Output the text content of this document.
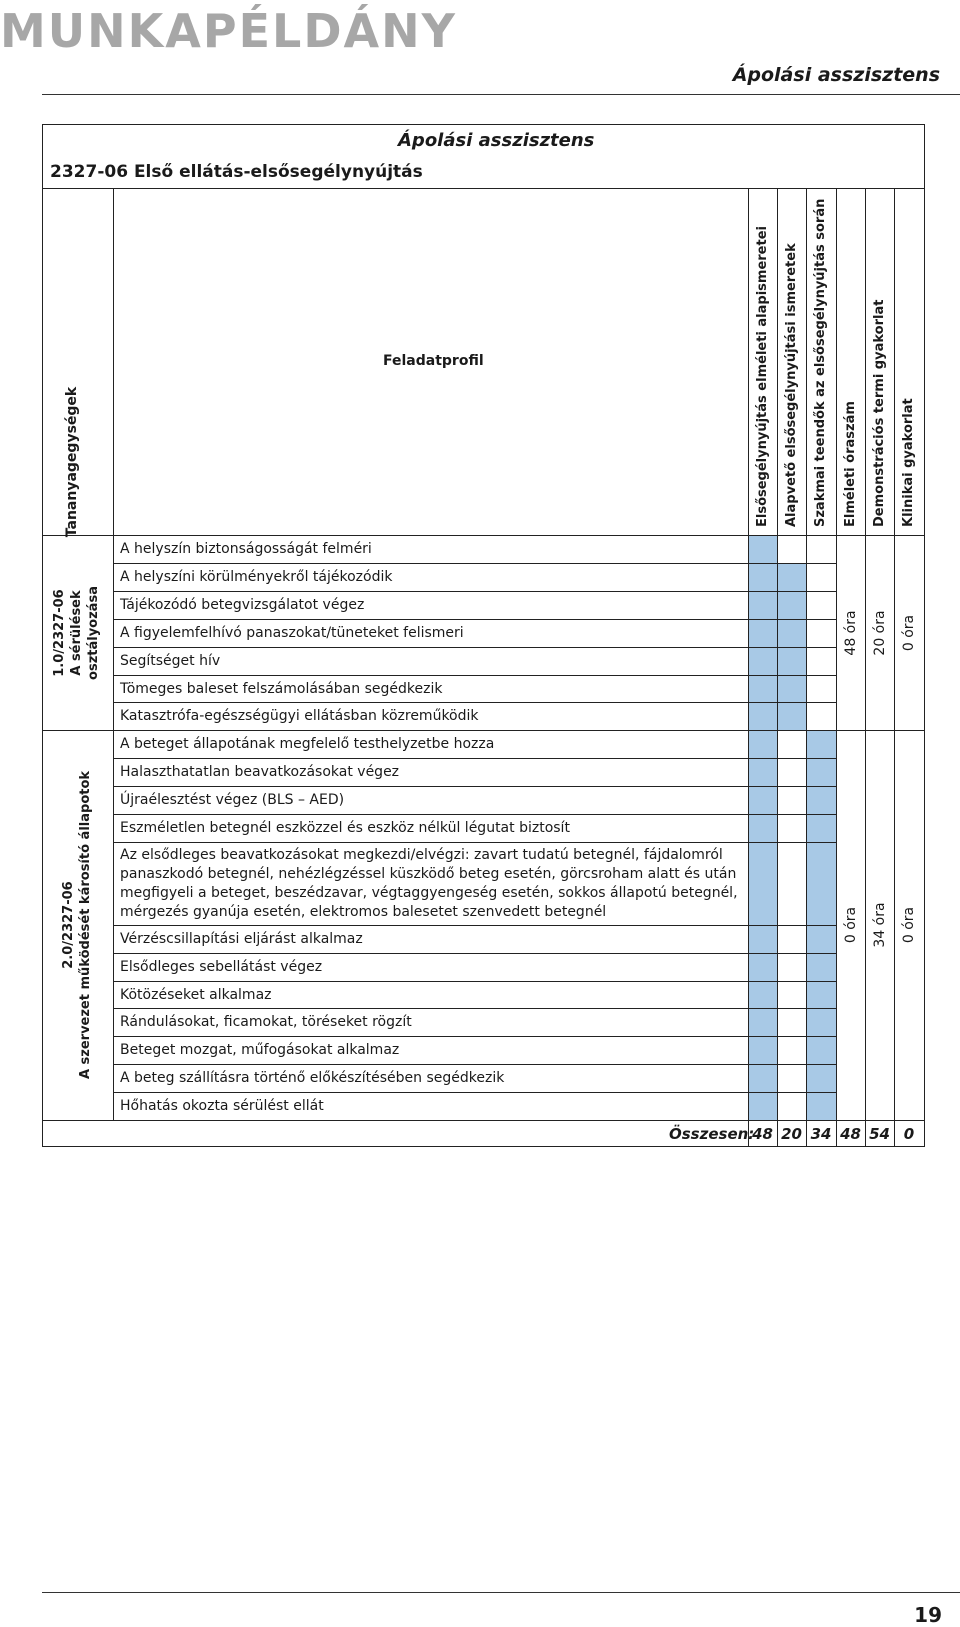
MUNKAPÉLDÁNY
Ápolási asszisztens
Ápolási asszisztens
2327-06 Első ellátás-elsősegélynyújtás
Tananyagegységek
Feladatprofil	Elsősegélynyújtás elméleti alapismeretei Alapvető elsősegélynyújtási ismeretek Szakmai teendők az elsősegélynyújtás során Elméleti óraszám Demonstrációs termi gyakorlat Klinikai gyakorlat
1.0/2327-06 A sérülések osztályozása
2.0/2327-06 A szervezet működését károsító állapotok
48 óra 20 óra 0 óra
0 óra 34 óra 0 óra
A helyszín biztonságosságát felméri
A helyszíni körülményekről tájékozódik
Tájékozódó betegvizsgálatot végez
A figyelemfelhívó panaszokat/tüneteket felismeri
Segítséget hív
Tömeges baleset felszámolásában segédkezik
Katasztrófa-egészségügyi ellátásban közreműködik
A beteget állapotának megfelelő testhelyzetbe hozza
Halaszthatatlan beavatkozásokat végez
Újraélesztést végez (BLS – AED)
Eszméletlen betegnél eszközzel és eszköz nélkül légutat biztosít
Az elsődleges beavatkozásokat megkezdi/elvégzi: zavart tudatú betegnél, fájdalomról
panaszkodó betegnél, nehézlégzéssel küszködő beteg esetén, görcsroham alatt és után
megfigyeli a beteget, beszédzavar, végtaggyengeség esetén, sokkos állapotú betegnél,
mérgezés gyanúja esetén, elektromos balesetet szenvedett betegnél
Vérzéscsillapítási eljárást alkalmaz
Elsődleges sebellátást végez
Kötözéseket alkalmaz
Rándulásokat, ficamokat, töréseket rögzít
Beteget mozgat, műfogásokat alkalmaz
A beteg szállításra történő előkészítésében segédkezik
Hőhatás okozta sérülést ellát
Összesen:
48 20 34 48 54 0
19
